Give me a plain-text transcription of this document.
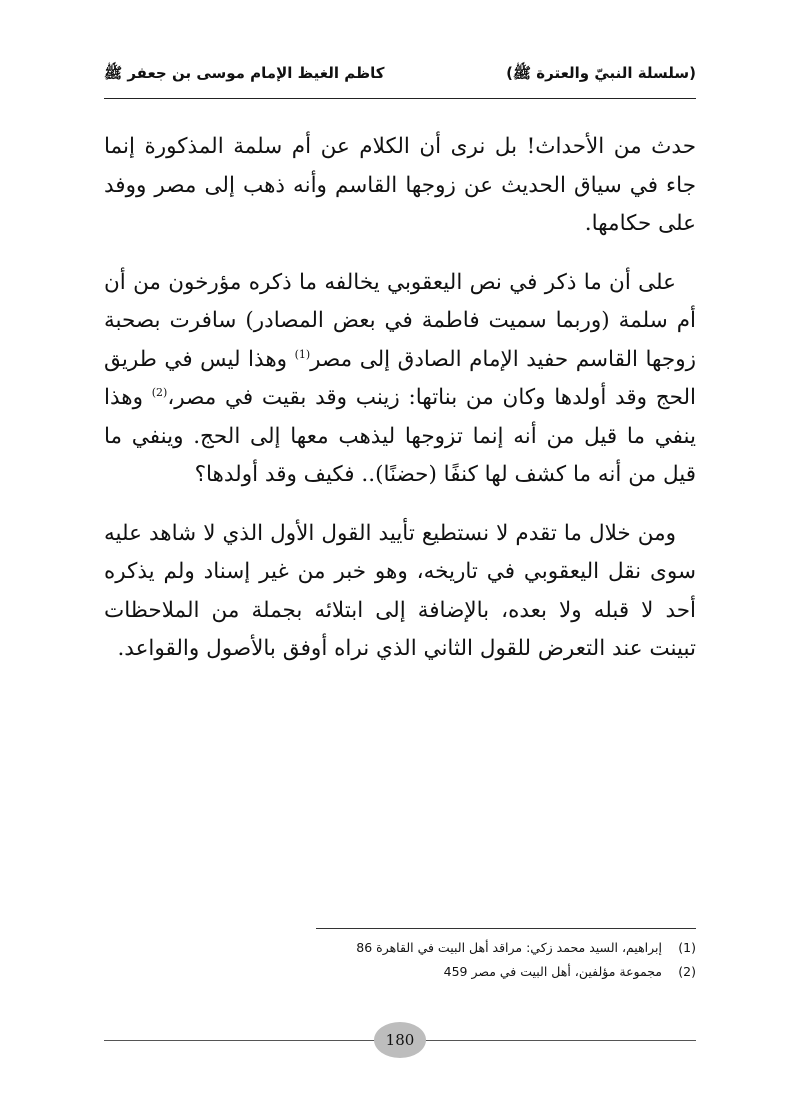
(سلسلة النبيّ والعترة ﷺ)
كاظم الغيظ الإمام موسى بن جعفر ﷺ

حدث من الأحداث! بل نرى أن الكلام عن أم سلمة المذكورة إنما جاء في سياق الحديث عن زوجها القاسم وأنه ذهب إلى مصر ووفد على حكامها.

على أن ما ذكر في نص اليعقوبي يخالفه ما ذكره مؤرخون من أن أم سلمة (وربما سميت فاطمة في بعض المصادر) سافرت بصحبة زوجها القاسم حفيد الإمام الصادق إلى مصر$^{(1)}$ وهذا ليس في طريق الحج وقد أولدها وكان من بناتها: زينب وقد بقيت في مصر،$^{(2)}$ وهذا ينفي ما قيل من أنه إنما تزوجها ليذهب معها إلى الحج. وينفي ما قيل من أنه ما كشف لها كنفًا (حضنًا).. فكيف وقد أولدها؟

ومن خلال ما تقدم لا نستطيع تأييد القول الأول الذي لا شاهد عليه سوى نقل اليعقوبي في تاريخه، وهو خبر من غير إسناد ولم يذكره أحد لا قبله ولا بعده، بالإضافة إلى ابتلائه بجملة من الملاحظات تبينت عند التعرض للقول الثاني الذي نراه أوفق بالأصول والقواعد.

(1)
إبراهيم، السيد محمد زكي: مراقد أهل البيت في القاهرة 86
(2)
مجموعة مؤلفين، أهل البيت في مصر 459
180
